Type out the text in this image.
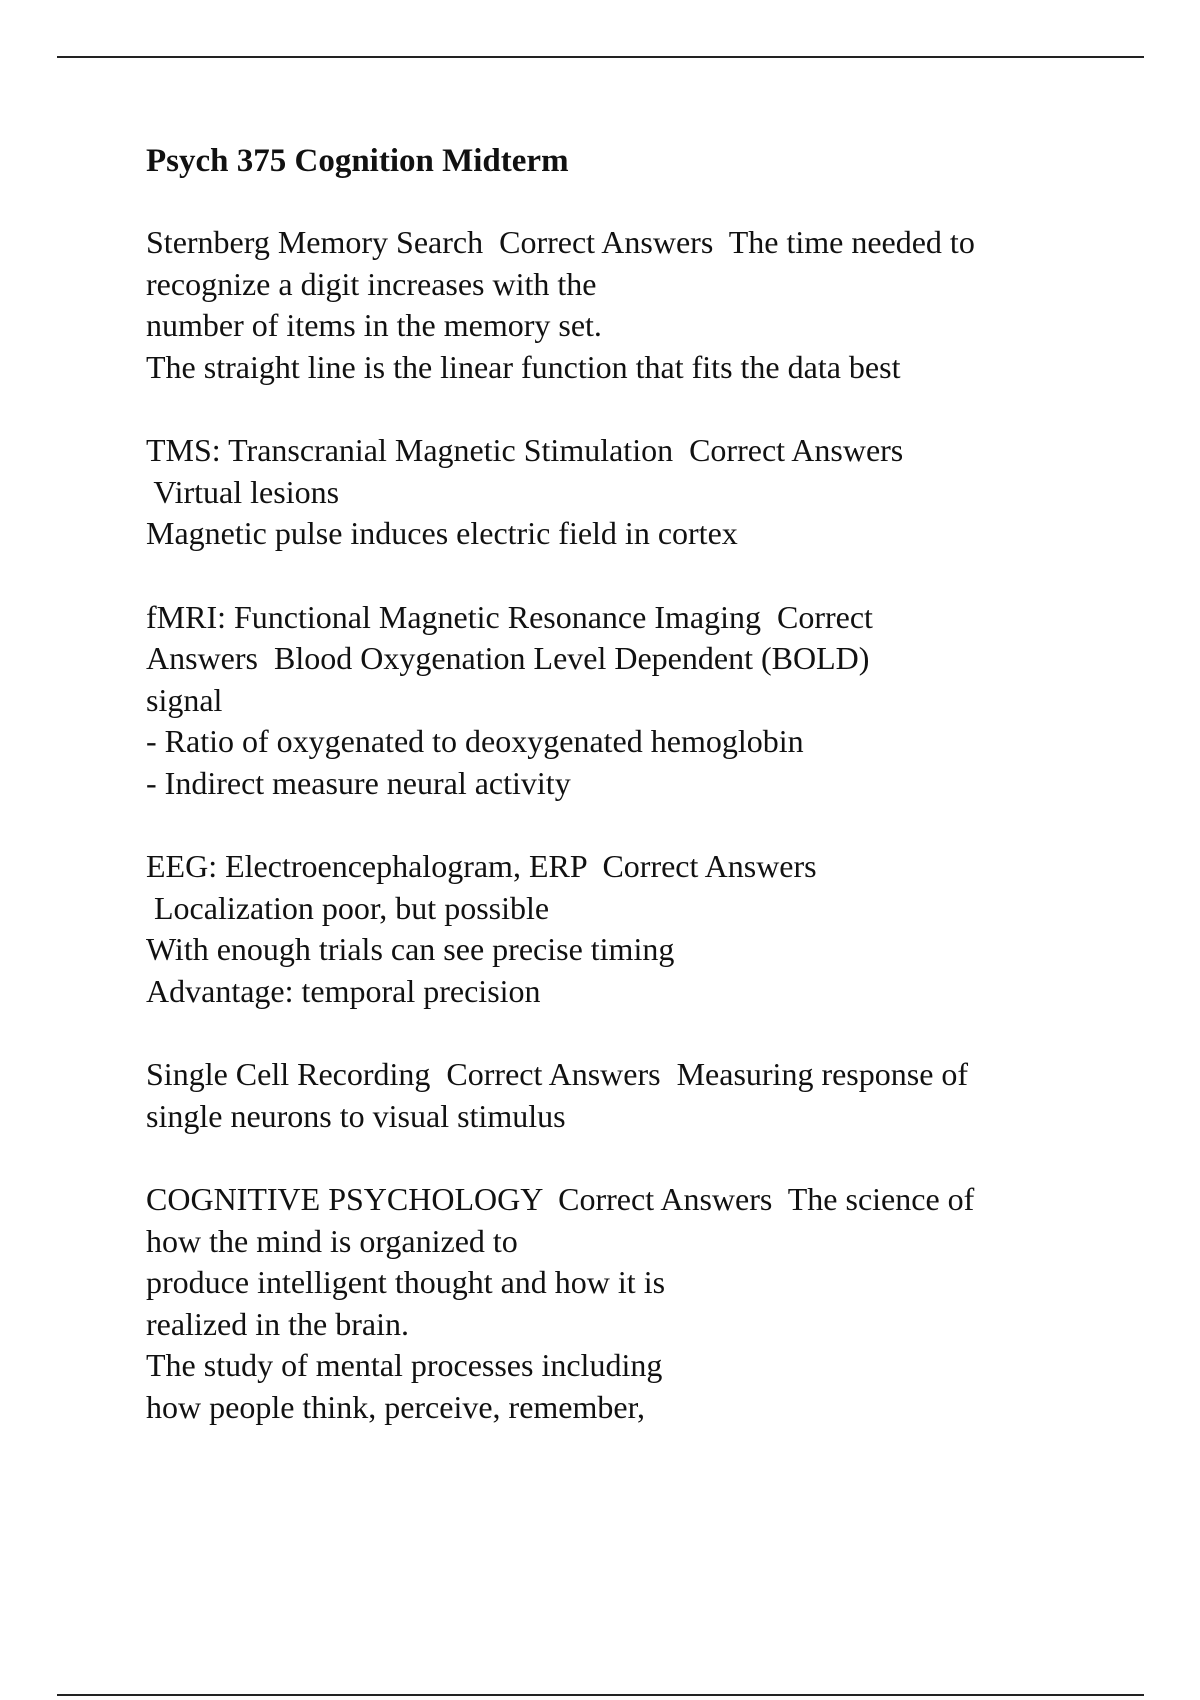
Psych 375 Cognition Midterm
Sternberg Memory Search  Correct Answers  The time needed to
recognize a digit increases with the
number of items in the memory set.
The straight line is the linear function that fits the data best
TMS: Transcranial Magnetic Stimulation  Correct Answers
Virtual lesions
Magnetic pulse induces electric field in cortex
fMRI: Functional Magnetic Resonance Imaging  Correct
Answers  Blood Oxygenation Level Dependent (BOLD)
signal
- Ratio of oxygenated to deoxygenated hemoglobin
- Indirect measure neural activity
EEG: Electroencephalogram, ERP  Correct Answers
Localization poor, but possible
With enough trials can see precise timing
Advantage: temporal precision
Single Cell Recording  Correct Answers  Measuring response of
single neurons to visual stimulus
COGNITIVE PSYCHOLOGY  Correct Answers  The science of
how the mind is organized to
produce intelligent thought and how it is
realized in the brain.
The study of mental processes including
how people think, perceive, remember,
